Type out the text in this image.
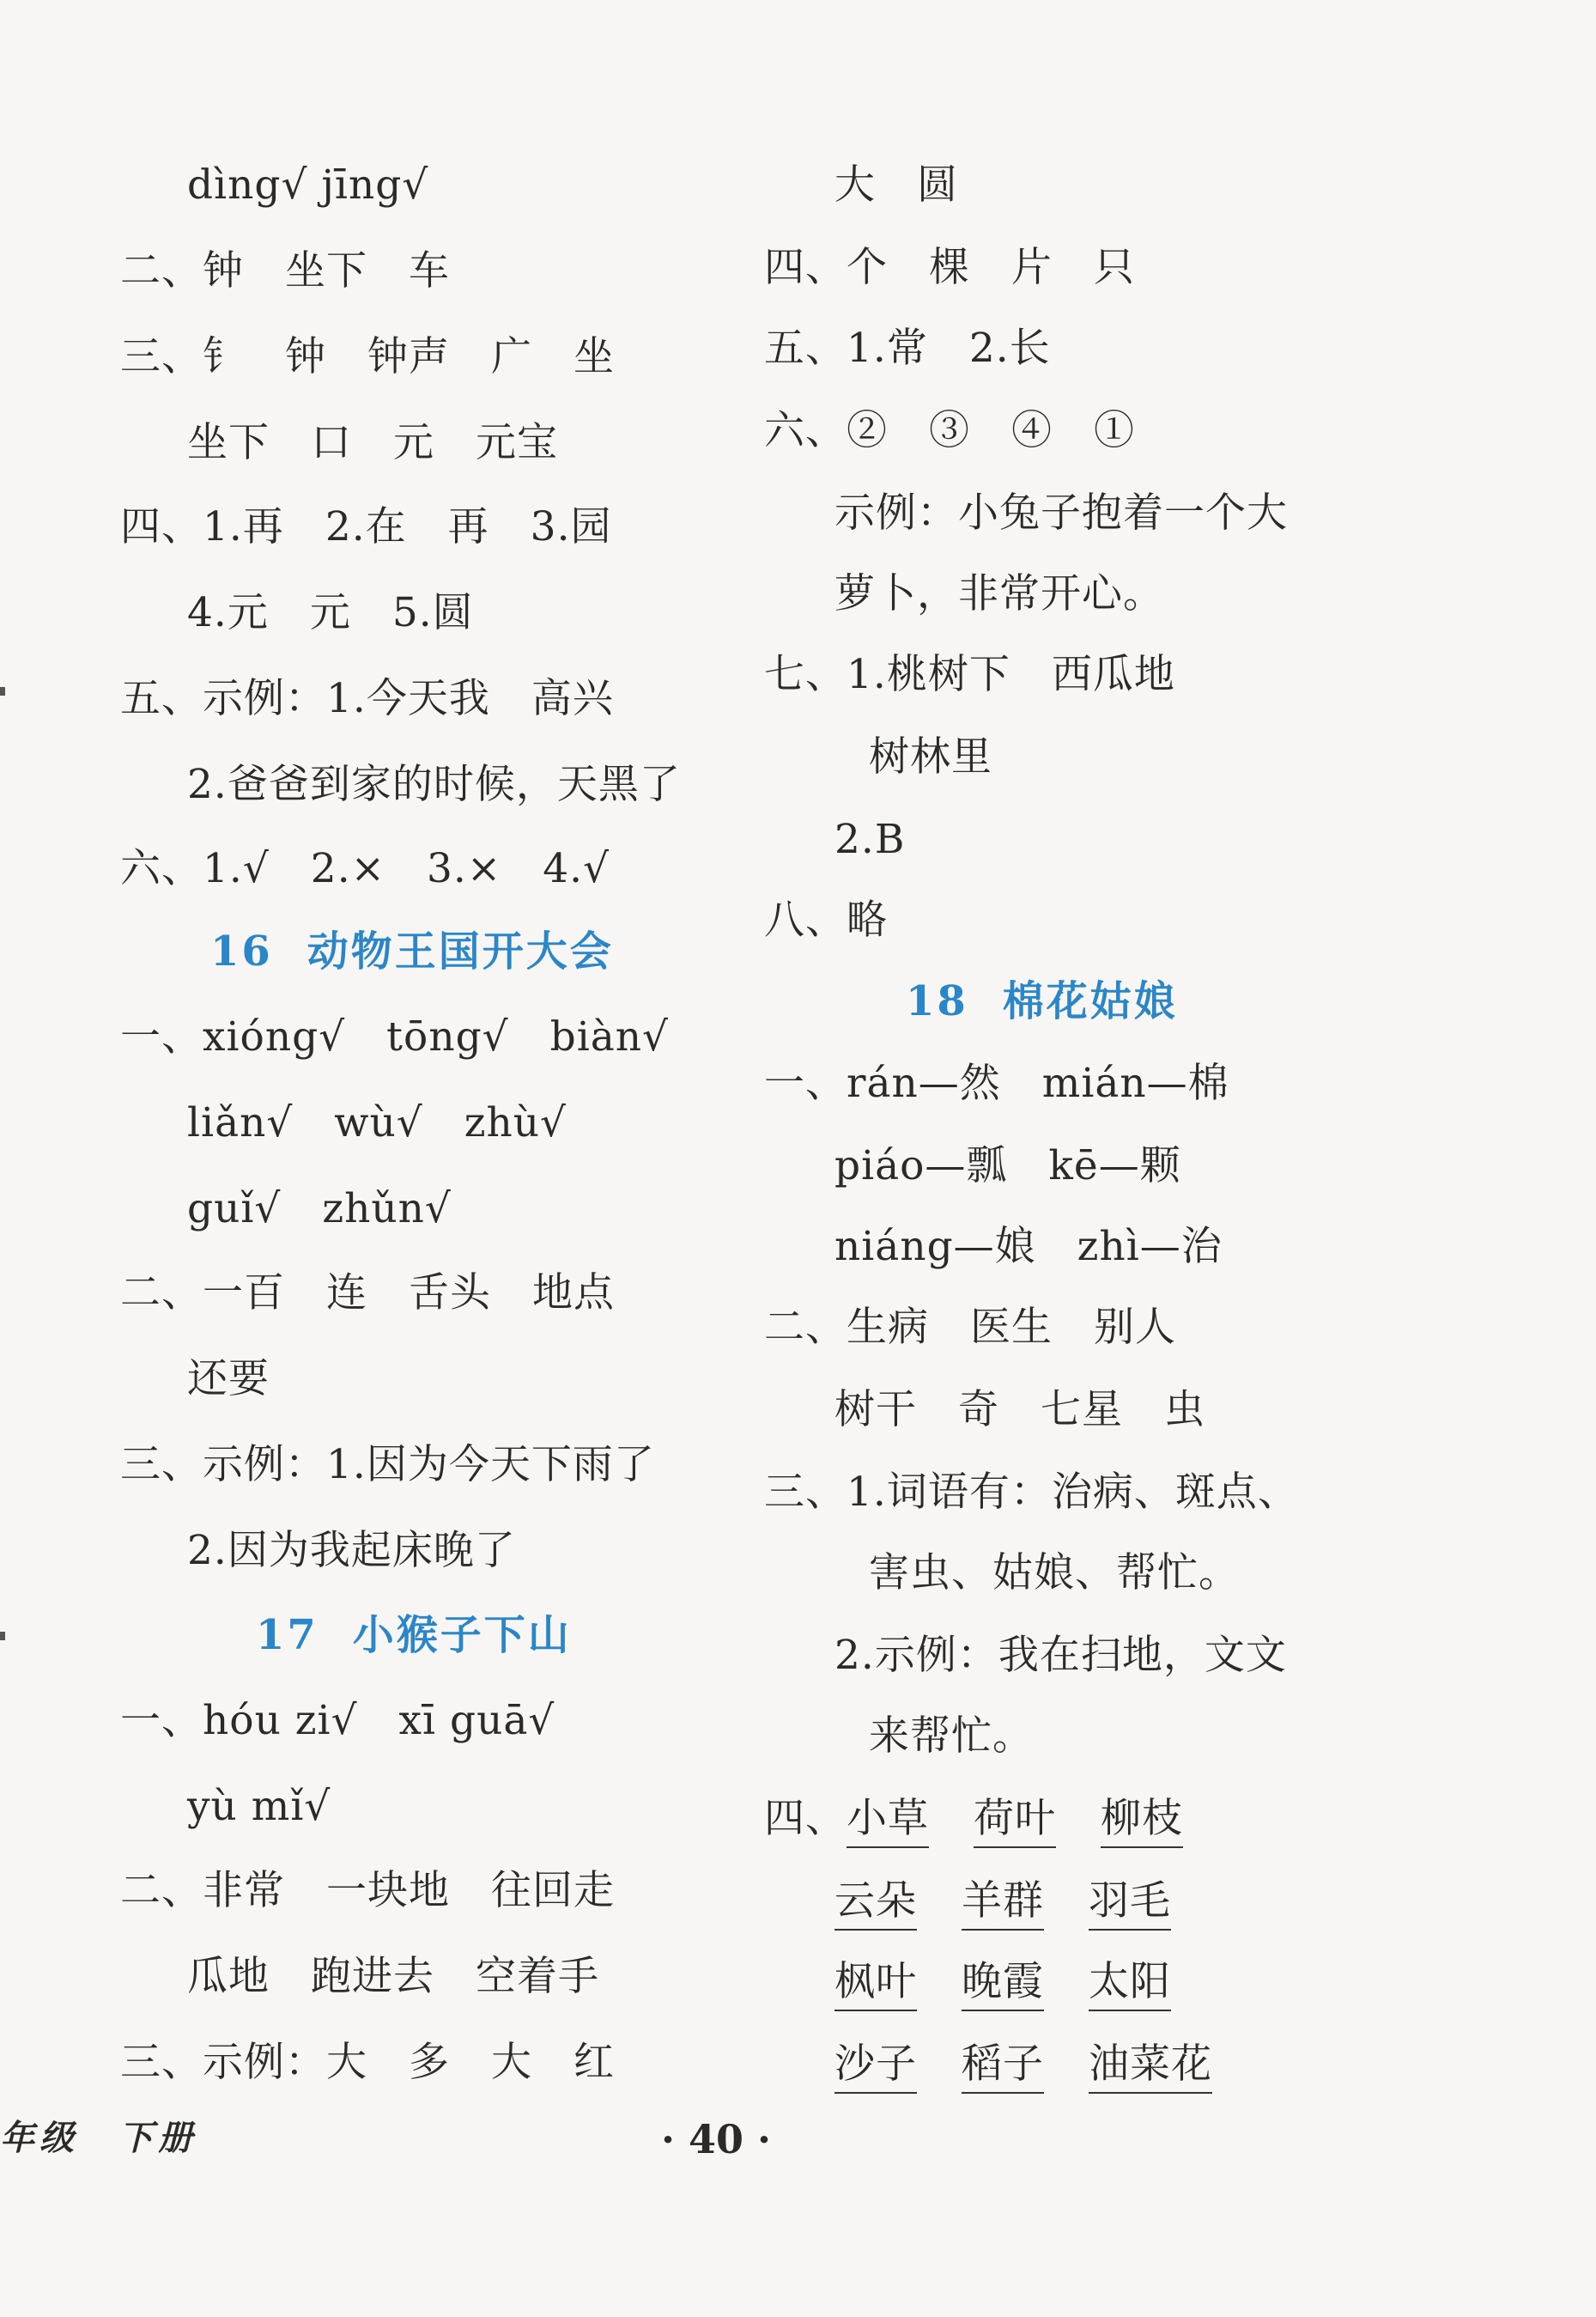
dìng√ jīng√
二、钟　坐下　车
三、钅　钟　钟声　广　坐
坐下　口　元　元宝
四、1.再　2.在　再　3.园
4.元　元　5.圆
五、示例：1.今天我　高兴
2.爸爸到家的时候，天黑了
六、1.√　2.×　3.×　4.√
16 动物王国开大会
一、xióng√　tōng√　biàn√
liǎn√　wù√　zhù√
guǐ√　zhǔn√
二、一百　连　舌头　地点
还要
三、示例：1.因为今天下雨了
2.因为我起床晚了
17 小猴子下山
一、hóu zi√　xī guā√
yù mǐ√
二、非常　一块地　往回走
瓜地　跑进去　空着手
三、示例：大　多　大　红
大　圆
四、个　棵　片　只
五、1.常　2.长
六、②　③　④　①
示例：小兔子抱着一个大
萝卜，非常开心。
七、1.桃树下　西瓜地
树林里
2.B
八、略
18 棉花姑娘
一、rán—然　mián—棉
piáo—瓢　kē—颗
niáng—娘　zhì—治
二、生病　医生　别人
树干　奇　七星　虫
三、1.词语有：治病、斑点、
害虫、姑娘、帮忙。
2.示例：我在扫地，文文
来帮忙。
四、小草 荷叶 柳枝
云朵 羊群 羽毛
枫叶 晚霞 太阳
沙子 稻子 油菜花
年级　下册	· 40 ·
